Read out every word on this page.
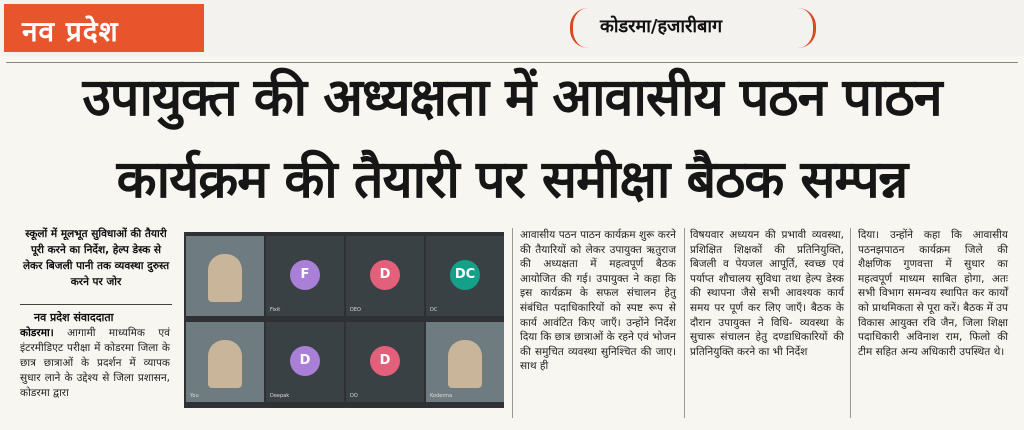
नव प्रदेश	कोडरमा/हजारीबाग
उपायुक्त की अध्यक्षता में आवासीय पठन पाठन
कार्यक्रम की तैयारी पर समीक्षा बैठक सम्पन्न
स्कूलों में मूलभूत सुविधाओं की तैयारी पूरी करने का निर्देश, हेल्प डेस्क से लेकर बिजली पानी तक व्यवस्था दुरुस्त करने पर जोर
नव प्रदेश संवाददाता
कोडरमा। आगामी माध्यमिक एवं इंटरमीडिएट परीक्षा में कोडरमा जिला के छात्र छात्राओं के प्रदर्शन में व्यापक सुधार लाने के उद्देश्य से जिला प्रशासन, कोडरमा द्वारा
F
Fixit
D
DEO
DC
DC
You
D
Deepak
D
DO	Koderma
आवासीय पठन पाठन कार्यक्रम शुरू करने की तैयारियों को लेकर उपायुक्त ऋतुराज की अध्यक्षता में महत्वपूर्ण बैठक आयोजित की गई। उपायुक्त ने कहा कि इस कार्यक्रम के सफल संचालन हेतु संबंधित पदाधिकारियों को स्पष्ट रूप से कार्य आवंटित किए जाएँ। उन्होंने निर्देश दिया कि छात्र छात्राओं के रहने एवं भोजन की समुचित व्यवस्था सुनिश्चित की जाए। साथ ही
विषयवार अध्ययन की प्रभावी व्यवस्था, प्रशिक्षित शिक्षकों की प्रतिनियुक्ति, बिजली व पेयजल आपूर्ति, स्वच्छ एवं पर्याप्त शौचालय सुविधा तथा हेल्प डेस्क की स्थापना जैसे सभी आवश्यक कार्य समय पर पूर्ण कर लिए जाएँ। बैठक के दौरान उपायुक्त ने विधि- व्यवस्था के सुचारू संचालन हेतु दण्डाधिकारियों की प्रतिनियुक्ति करने का भी निर्देश
दिया। उन्होंने कहा कि आवासीय पठनझपाठन कार्यक्रम जिले की शैक्षणिक गुणवत्ता में सुधार का महत्वपूर्ण माध्यम साबित होगा, अतः सभी विभाग समन्वय स्थापित कर कार्यों को प्राथमिकता से पूरा करें। बैठक में उप विकास आयुक्त रवि जैन, जिला शिक्षा पदाधिकारी अविनाश राम, फिलो की टीम सहित अन्य अधिकारी उपस्थित थे।
